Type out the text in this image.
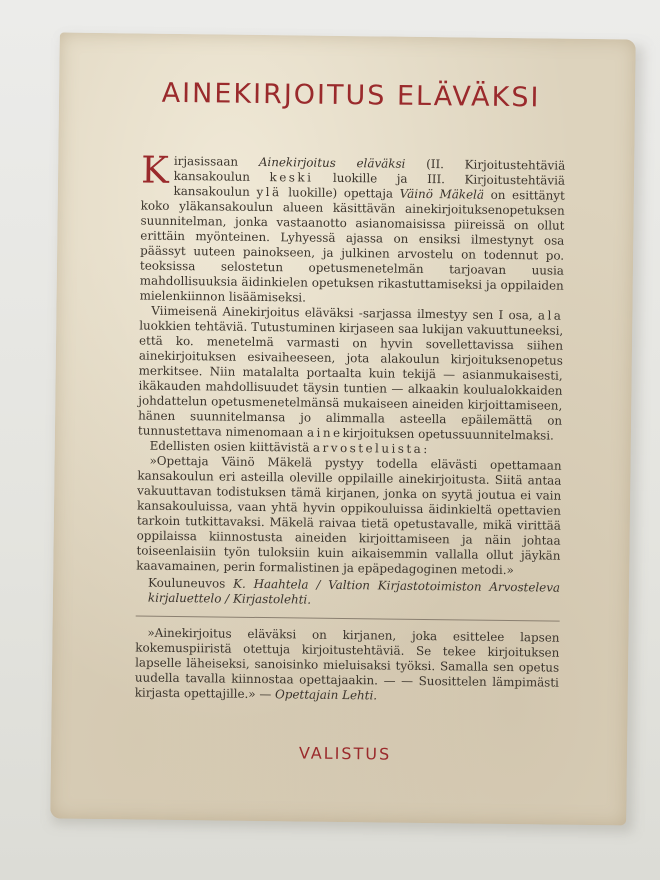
AINEKIRJOITUS ELÄVÄKSI

Kirjasissaan Ainekirjoitus eläväksi (II. Kirjoitustehtäviä kansakoulun keski luokille ja III. Kirjoitustehtäviä kansakoulun ylä luokille) opettaja Väinö Mäkelä on esittänyt koko yläkansakoulun alueen käsittävän ainekirjoituksenopetuksen suunnitelman, jonka vastaanotto asianomaisissa piireissä on ollut erittäin myönteinen. Lyhyessä ajassa on ensiksi ilmestynyt osa päässyt uuteen painokseen, ja julkinen arvostelu on todennut po. teoksissa selostetun opetusmenetelmän tarjoavan uusia mahdollisuuksia äidinkielen opetuksen rikastuttamiseksi ja oppilaiden mielenkiinnon lisäämiseksi.

Viimeisenä Ainekirjoitus eläväksi -sarjassa ilmestyy sen I osa, ala luokkien tehtäviä. Tutustuminen kirjaseen saa lukijan vakuuttuneeksi, että ko. menetelmä varmasti on hyvin sovellettavissa siihen ainekirjoituksen esivaiheeseen, jota alakoulun kirjoituksenopetus merkitsee. Niin matalalta portaalta kuin tekijä — asianmukaisesti, ikäkauden mahdollisuudet täysin tuntien — alkaakin koulualokkaiden johdattelun opetusmenetelmänsä mukaiseen aineiden kirjoittamiseen, hänen suunnitelmansa jo alimmalla asteella epäilemättä on tunnustettava nimenomaan ainekirjoituksen opetussuunnitelmaksi.

Edellisten osien kiittävistä arvosteluista:

»Opettaja Väinö Mäkelä pystyy todella elävästi opettamaan kansakoulun eri asteilla oleville oppilaille ainekirjoitusta. Siitä antaa vakuuttavan todistuksen tämä kirjanen, jonka on syytä joutua ei vain kansakouluissa, vaan yhtä hyvin oppikouluissa äidinkieltä opettavien tarkoin tutkittavaksi. Mäkelä raivaa tietä opetustavalle, mikä virittää oppilaissa kiinnostusta aineiden kirjoittamiseen ja näin johtaa toiseenlaisiin työn tuloksiin kuin aikaisemmin vallalla ollut jäykän kaavamainen, perin formalistinen ja epäpedagoginen metodi.»

Kouluneuvos K. Haahtela / Valtion Kirjastotoimiston Arvosteleva kirjaluettelo / Kirjastolehti.

»Ainekirjoitus eläväksi on kirjanen, joka esittelee lapsen kokemuspiiristä otettuja kirjoitustehtäviä. Se tekee kirjoituksen lapselle läheiseksi, sanoisinko mieluisaksi työksi. Samalla sen opetus uudella tavalla kiinnostaa opettajaakin. — — Suosittelen lämpimästi kirjasta opettajille.» — Opettajain Lehti.

VALISTUS
